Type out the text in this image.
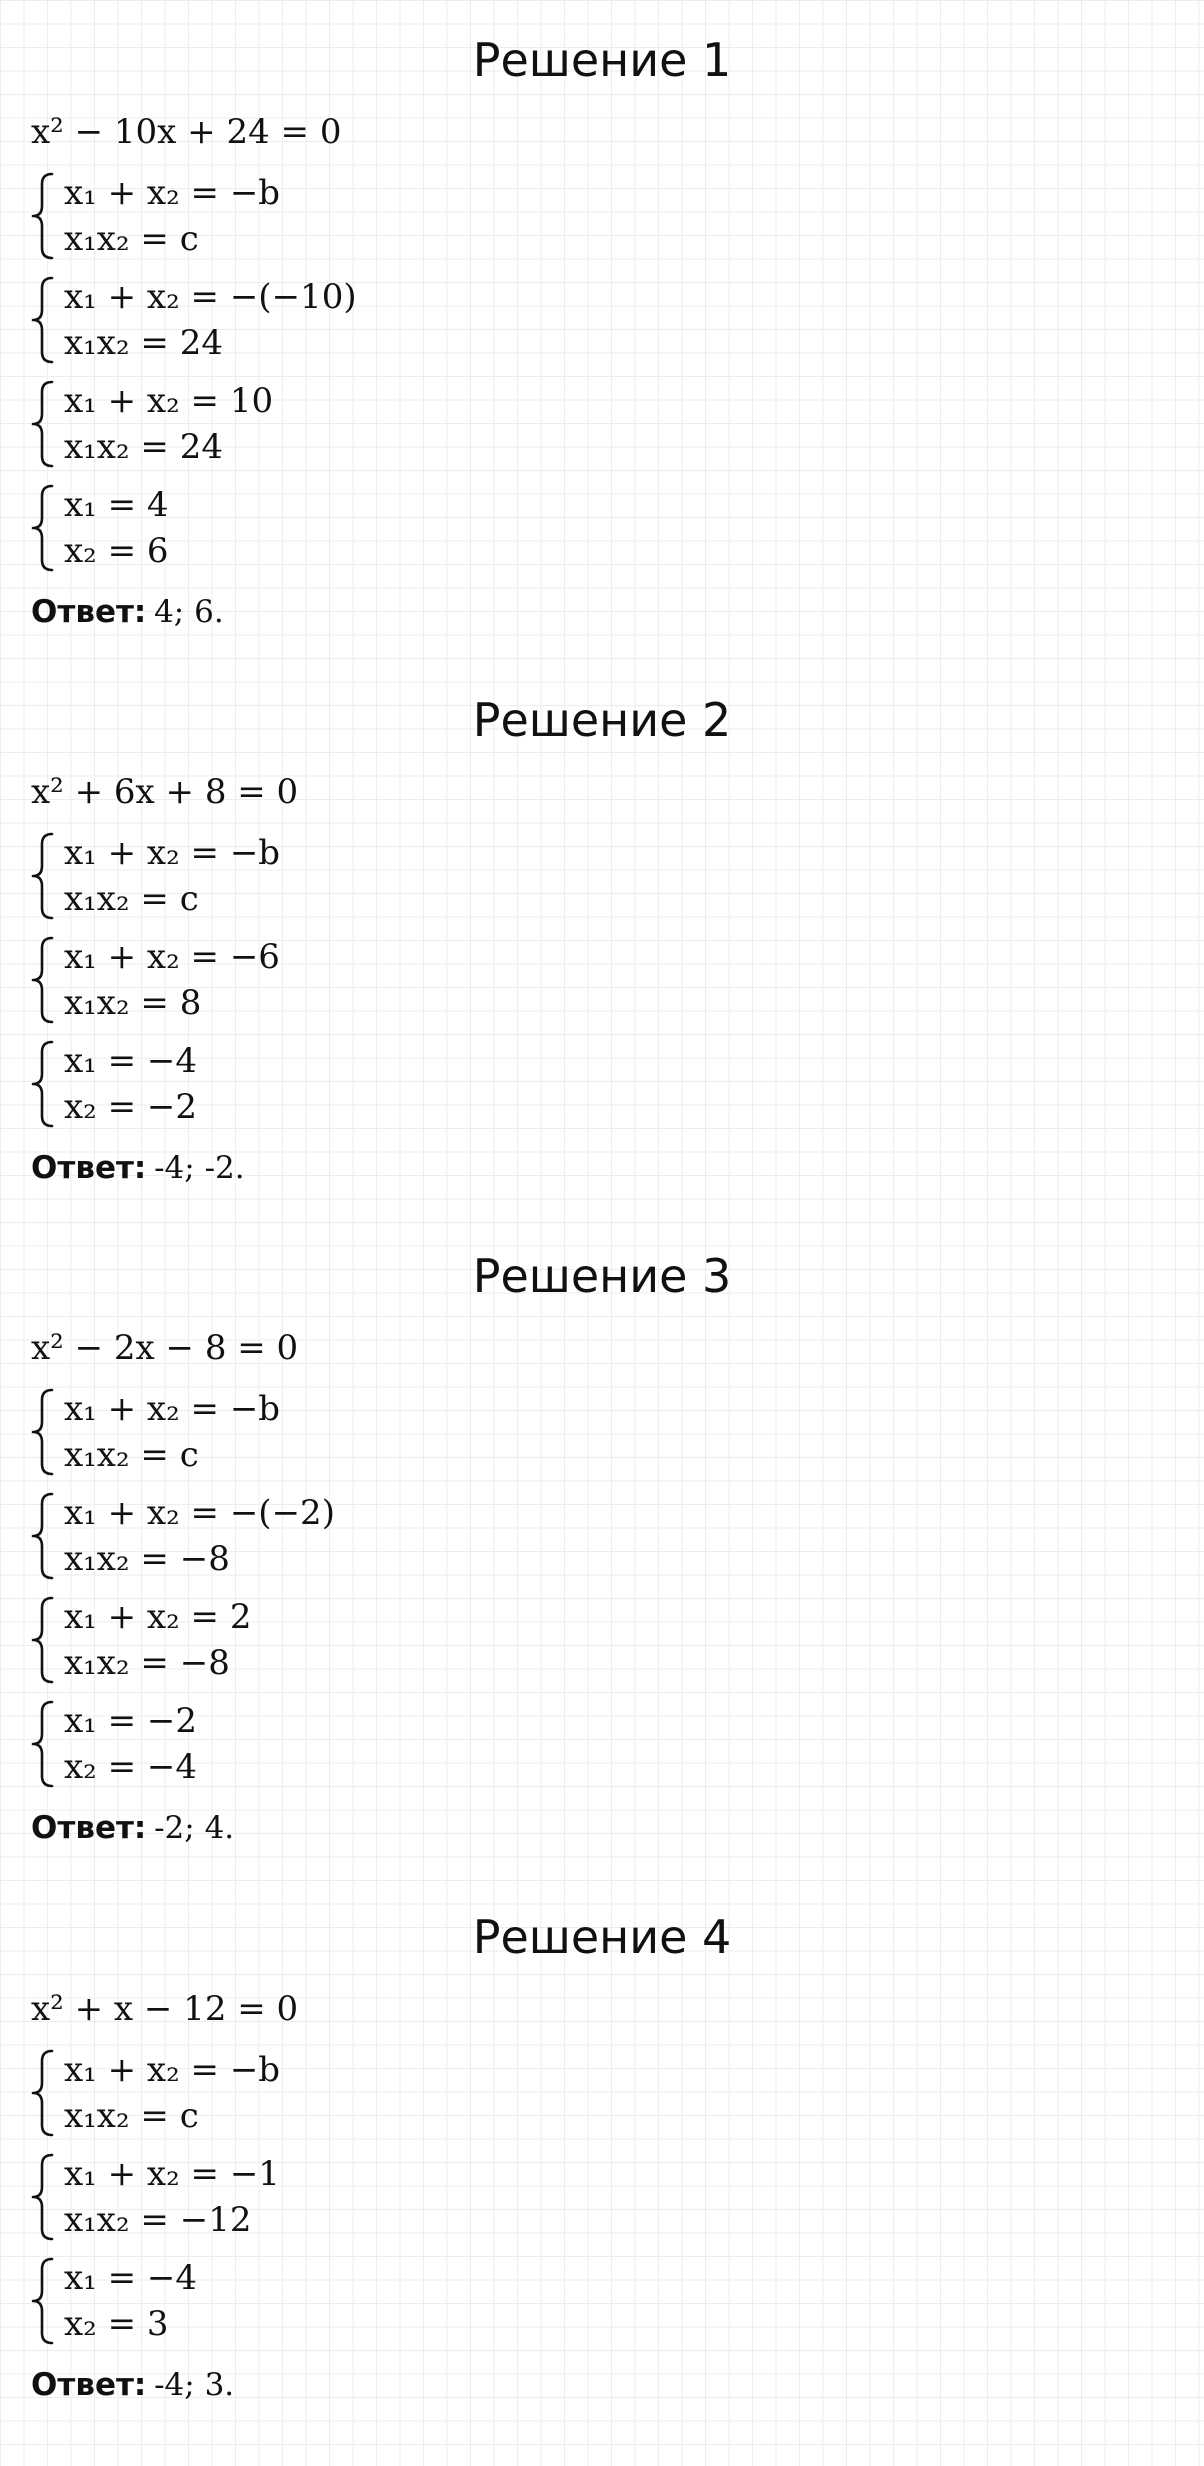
Решение 1
x² − 10x + 24 = 0
x₁ + x₂ = −b
x₁x₂ = c
x₁ + x₂ = −(−10)
x₁x₂ = 24
x₁ + x₂ = 10
x₁x₂ = 24
x₁ = 4
x₂ = 6
Ответ: 4; 6.
Решение 2
x² + 6x + 8 = 0
x₁ + x₂ = −b
x₁x₂ = c
x₁ + x₂ = −6
x₁x₂ = 8
x₁ = −4
x₂ = −2
Ответ: -4; -2.
Решение 3
x² − 2x − 8 = 0
x₁ + x₂ = −b
x₁x₂ = c
x₁ + x₂ = −(−2)
x₁x₂ = −8
x₁ + x₂ = 2
x₁x₂ = −8
x₁ = −2
x₂ = −4
Ответ: -2; 4.
Решение 4
x² + x − 12 = 0
x₁ + x₂ = −b
x₁x₂ = c
x₁ + x₂ = −1
x₁x₂ = −12
x₁ = −4
x₂ = 3
Ответ: -4; 3.
